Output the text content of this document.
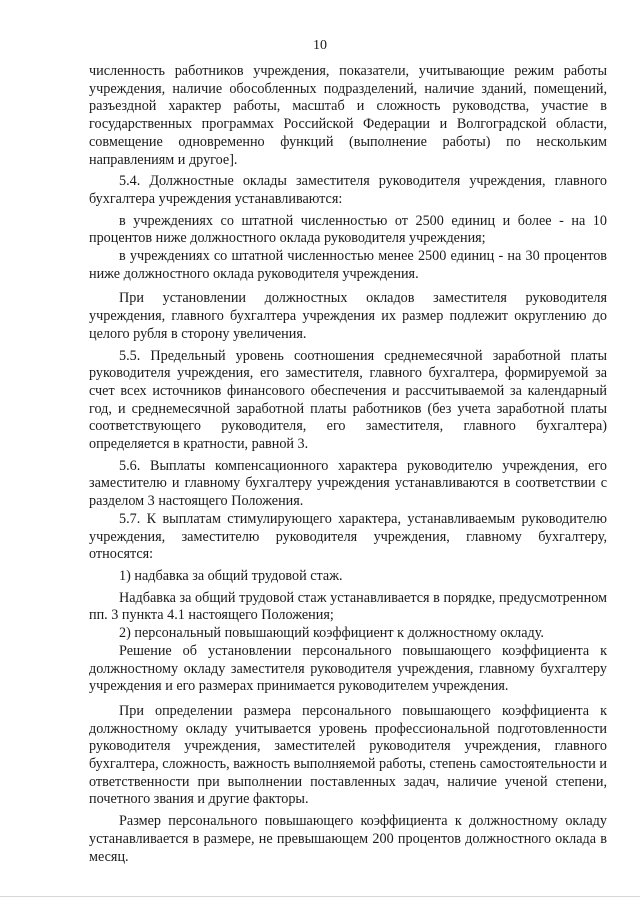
10

численность работников учреждения, показатели, учитывающие режим работы учреждения, наличие обособленных подразделений, наличие зданий, помещений, разъездной характер работы, масштаб и сложность руководства, участие в государственных программах Российской Федерации и Волгоградской области, совмещение одновременно функций (выполнение работы) по нескольким направлениям и другое].

5.4. Должностные оклады заместителя руководителя учреждения, главного бухгалтера учреждения устанавливаются:

в учреждениях со штатной численностью от 2500 единиц и более - на 10 процентов ниже должностного оклада руководителя учреждения;

в учреждениях со штатной численностью менее 2500 единиц - на 30 процентов ниже должностного оклада руководителя учреждения.

При установлении должностных окладов заместителя руководителя учреждения, главного бухгалтера учреждения их размер подлежит округлению до целого рубля в сторону увеличения.

5.5. Предельный уровень соотношения среднемесячной заработной платы руководителя учреждения, его заместителя, главного бухгалтера, формируемой за счет всех источников финансового обеспечения и рассчитываемой за календарный год, и среднемесячной заработной платы работников (без учета заработной платы соответствующего руководителя, его заместителя, главного бухгалтера) определяется в кратности, равной 3.

5.6. Выплаты компенсационного характера руководителю учреждения, его заместителю и главному бухгалтеру учреждения устанавливаются в соответствии с разделом 3 настоящего Положения.

5.7. К выплатам стимулирующего характера, устанавливаемым руководителю учреждения, заместителю руководителя учреждения, главному бухгалтеру, относятся:

1) надбавка за общий трудовой стаж.

Надбавка за общий трудовой стаж устанавливается в порядке, предусмотренном пп. 3 пункта 4.1 настоящего Положения;

2) персональный повышающий коэффициент к должностному окладу.

Решение об установлении персонального повышающего коэффициента к должностному окладу заместителя руководителя учреждения, главному бухгалтеру учреждения и его размерах принимается руководителем учреждения.

При определении размера персонального повышающего коэффициента к должностному окладу учитывается уровень профессиональной подготовленности руководителя учреждения, заместителей руководителя учреждения, главного бухгалтера, сложность, важность выполняемой работы, степень самостоятельности и ответственности при выполнении поставленных задач, наличие ученой степени, почетного звания и другие факторы.

Размер персонального повышающего коэффициента к должностному окладу устанавливается в размере, не превышающем 200 процентов должностного оклада в месяц.
